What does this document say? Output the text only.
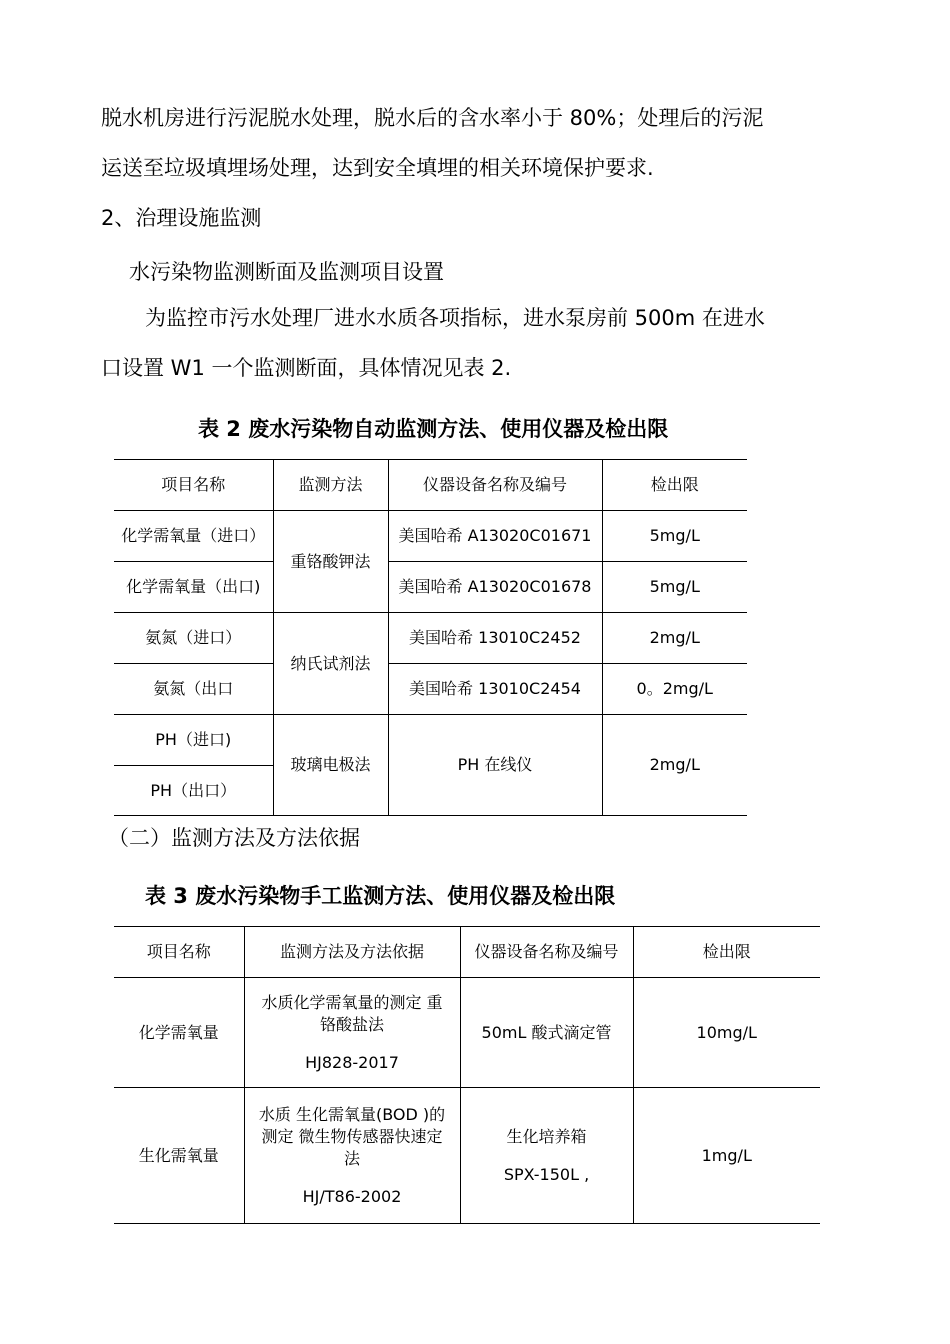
脱水机房进行污泥脱水处理，脱水后的含水率小于 80%；处理后的污泥
运送至垃圾填埋场处理，达到安全填埋的相关环境保护要求.
2、治理设施监测
水污染物监测断面及监测项目设置
为监控市污水处理厂进水水质各项指标，进水泵房前 500m 在进水
口设置 W1 一个监测断面，具体情况见表 2.
表 2 废水污染物自动监测方法、使用仪器及检出限
项目名称	监测方法	仪器设备名称及编号	检出限
化学需氧量（进口）	重铬酸钾法	美国哈希 A13020C01671	5mg/L
化学需氧量（出口)		美国哈希 A13020C01678	5mg/L
氨氮（进口）	纳氏试剂法	美国哈希 13010C2452	2mg/L
氨氮（出口		美国哈希 13010C2454	0。2mg/L
PH（进口)	玻璃电极法	PH 在线仪	2mg/L
PH（出口）			
（二）监测方法及方法依据
表 3 废水污染物手工监测方法、使用仪器及检出限
项目名称	监测方法及方法依据	仪器设备名称及编号	检出限
化学需氧量	水质化学需氧量的测定 重
铬酸盐法
HJ828-2017	50mL 酸式滴定管	10mg/L
生化需氧量	水质 生化需氧量(BOD )的
测定 微生物传感器快速定
法
HJ/T86-2002	生化培养箱
SPX-150L ,	1mg/L
